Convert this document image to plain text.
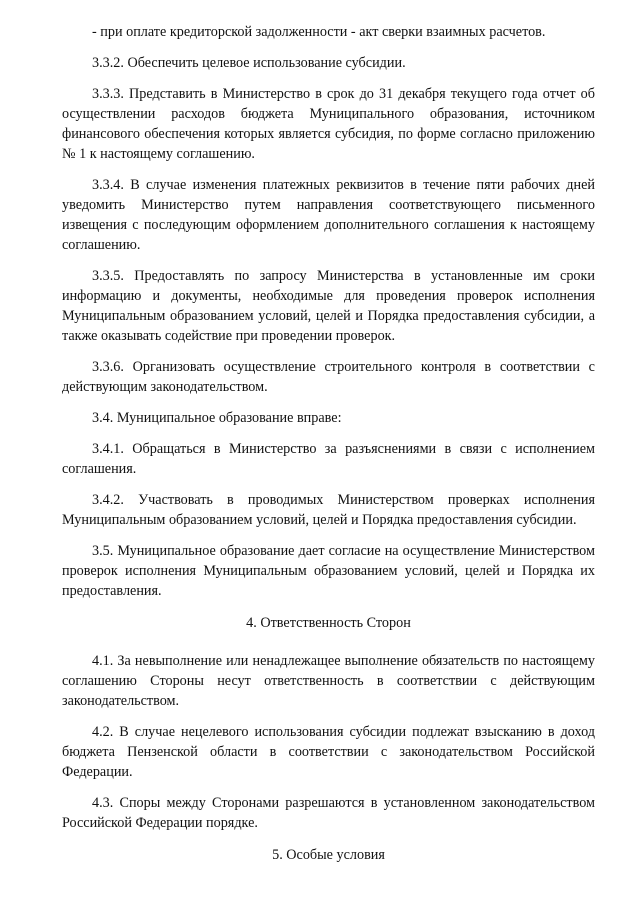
- при оплате кредиторской задолженности - акт сверки взаимных расчетов.

3.3.2. Обеспечить целевое использование субсидии.

3.3.3. Представить в Министерство в срок до 31 декабря текущего года отчет об осуществлении расходов бюджета Муниципального образования, источником финансового обеспечения которых является субсидия, по форме согласно приложению № 1 к настоящему соглашению.

3.3.4. В случае изменения платежных реквизитов в течение пяти рабочих дней уведомить Министерство путем направления соответствующего письменного извещения с последующим оформлением дополнительного соглашения к настоящему соглашению.

3.3.5. Предоставлять по запросу Министерства в установленные им сроки информацию и документы, необходимые для проведения проверок исполнения Муниципальным образованием условий, целей и Порядка предоставления субсидии, а также оказывать содействие при проведении проверок.

3.3.6. Организовать осуществление строительного контроля в соответствии с действующим законодательством.

3.4. Муниципальное образование вправе:

3.4.1. Обращаться в Министерство за разъяснениями в связи с исполнением соглашения.

3.4.2. Участвовать в проводимых Министерством проверках исполнения Муниципальным образованием условий, целей и Порядка предоставления субсидии.

3.5. Муниципальное образование дает согласие на осуществление Министерством проверок исполнения Муниципальным образованием условий, целей и Порядка их предоставления.

4. Ответственность Сторон

4.1. За невыполнение или ненадлежащее выполнение обязательств по настоящему соглашению Стороны несут ответственность в соответствии с действующим законодательством.

4.2. В случае нецелевого использования субсидии подлежат взысканию в доход бюджета Пензенской области в соответствии с законодательством Российской Федерации.

4.3. Споры между Сторонами разрешаются в установленном законодательством Российской Федерации порядке.

5. Особые условия
